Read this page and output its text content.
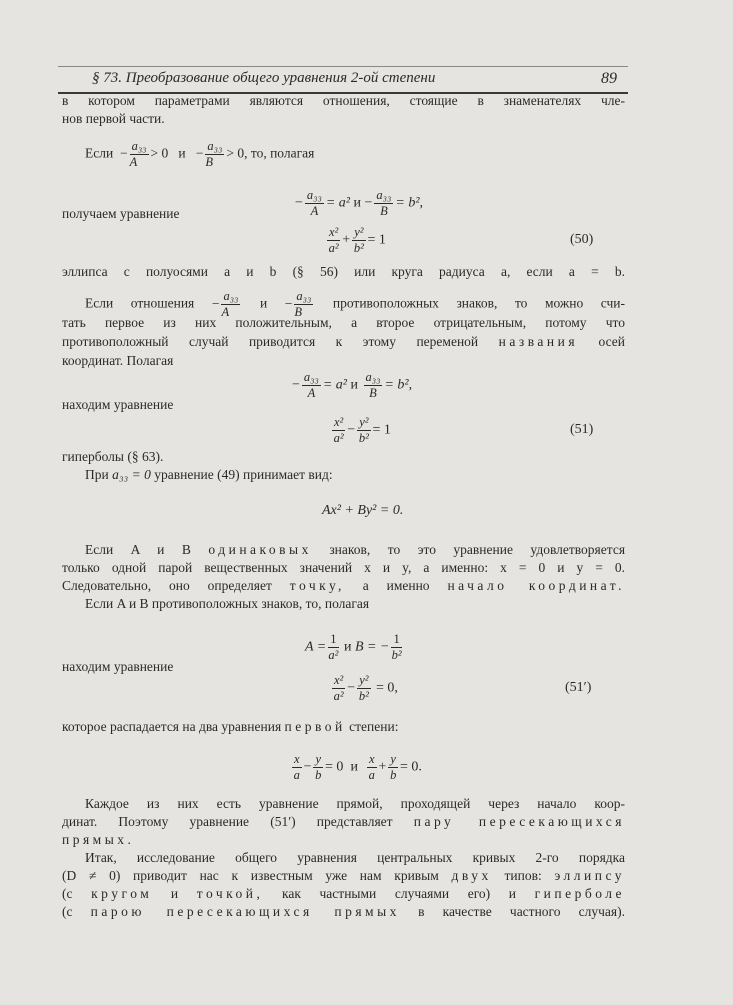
§ 73. Преобразование общего уравнения 2-ой степени	89
в котором параметрами являются отношения, стоящие в знаменателях чле-
нов первой части.
Если − $\frac{\text{a₃₃}}{A} > 0$ $и - \frac{\text{a₃₃}}{B} > 0$, то, полагая
− $\frac{\text{a₃₃}}{A} = a^2$ $и - \frac{\text{a₃₃}}{B} = b^2$,
получаем уравнение
$\frac{\text{x²}}{\text{a²}} + \frac{\text{y²}}{\text{b²}} = 1$	(50)
эллипса с полуосями a и b (§ 56) или круга радиуса a, если a = b.
Если отношения − $\frac{\text{a₃₃}}{A}$ $и - \frac{\text{a₃₃}}{B}$ противоположных знаков, то можно счи-
тать первое из них положительным, а второе отрицательным, потому что
противоположный случай приводится к этому переменой названия осей
координат. Полагая
− $\frac{\text{a₃₃}}{A} = a^2$ и $\frac{\text{a₃₃}}{B} = b^2$,
находим уравнение
$\frac{\text{x²}}{\text{a²}} - \frac{\text{y²}}{\text{b²}} = 1$	(51)
гиперболы (§ 63).
При a₃₃ = 0 уравнение (49) принимает вид:
Ax² + By² = 0.
Если A и B одинаковых знаков, то это уравнение удовлетворяется
только одной парой вещественных значений x и y, а именно: x = 0 и y = 0.
Следовательно, оно определяет точку, а именно начало координат.
Если A и B противоположных знаков, то, полагая
$A = \frac{1}{\text{a²}}$ и B = − $\frac{1}{\text{b²}}$
находим уравнение
$\frac{\text{x²}}{\text{a²}} - \frac{\text{y²}}{\text{b²}} = 0$,	(51′)
которое распадается на два уравнения первой степени:
$\frac{x}{a} - \frac{y}{b} = 0$ и $\frac{x}{a} + \frac{y}{b} = 0$.
Каждое из них есть уравнение прямой, проходящей через начало коор-
динат. Поэтому уравнение (51′) представляет пару пересекающихся
прямых.
Итак, исследование общего уравнения центральных кривых 2-го порядка
(D ≠ 0) приводит нас к известным уже нам кривым двух типов: эллипсу
(с кругом и точкой, как частными случаями его) и гиперболе
(с парою пересекающихся прямых в качестве частного случая).
